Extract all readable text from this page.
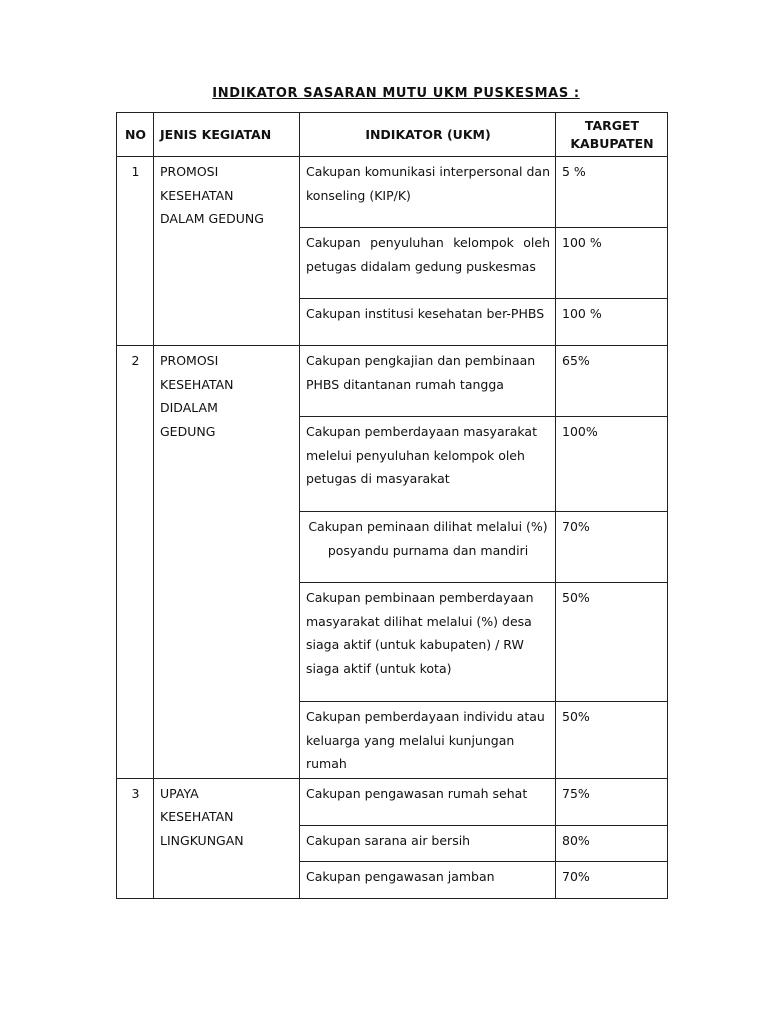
INDIKATOR SASARAN MUTU UKM PUSKESMAS :
NO	JENIS KEGIATAN	INDIKATOR (UKM)	TARGET
KABUPATEN

1	PROMOSI
KESEHATAN
DALAM GEDUNG	Cakupan komunikasi interpersonal dan konseling (KIP/K)	5 %
		Cakupan penyuluhan kelompok oleh petugas didalam gedung puskesmas	100 %
		Cakupan institusi kesehatan ber-PHBS	100 %
2	PROMOSI
KESEHATAN
DIDALAM
GEDUNG	Cakupan pengkajian dan pembinaan PHBS ditantanan rumah tangga	65%
		Cakupan pemberdayaan masyarakat melelui penyuluhan kelompok oleh petugas di masyarakat	100%
		Cakupan peminaan dilihat melalui (%) posyandu purnama dan mandiri	70%
		Cakupan pembinaan pemberdayaan masyarakat dilihat melalui (%) desa siaga aktif (untuk kabupaten) / RW siaga aktif (untuk kota)	50%
		Cakupan pemberdayaan individu atau keluarga yang melalui kunjungan rumah	50%
3	UPAYA
KESEHATAN
LINGKUNGAN	Cakupan pengawasan rumah sehat	75%
		Cakupan sarana air bersih	80%
		Cakupan pengawasan jamban	70%
